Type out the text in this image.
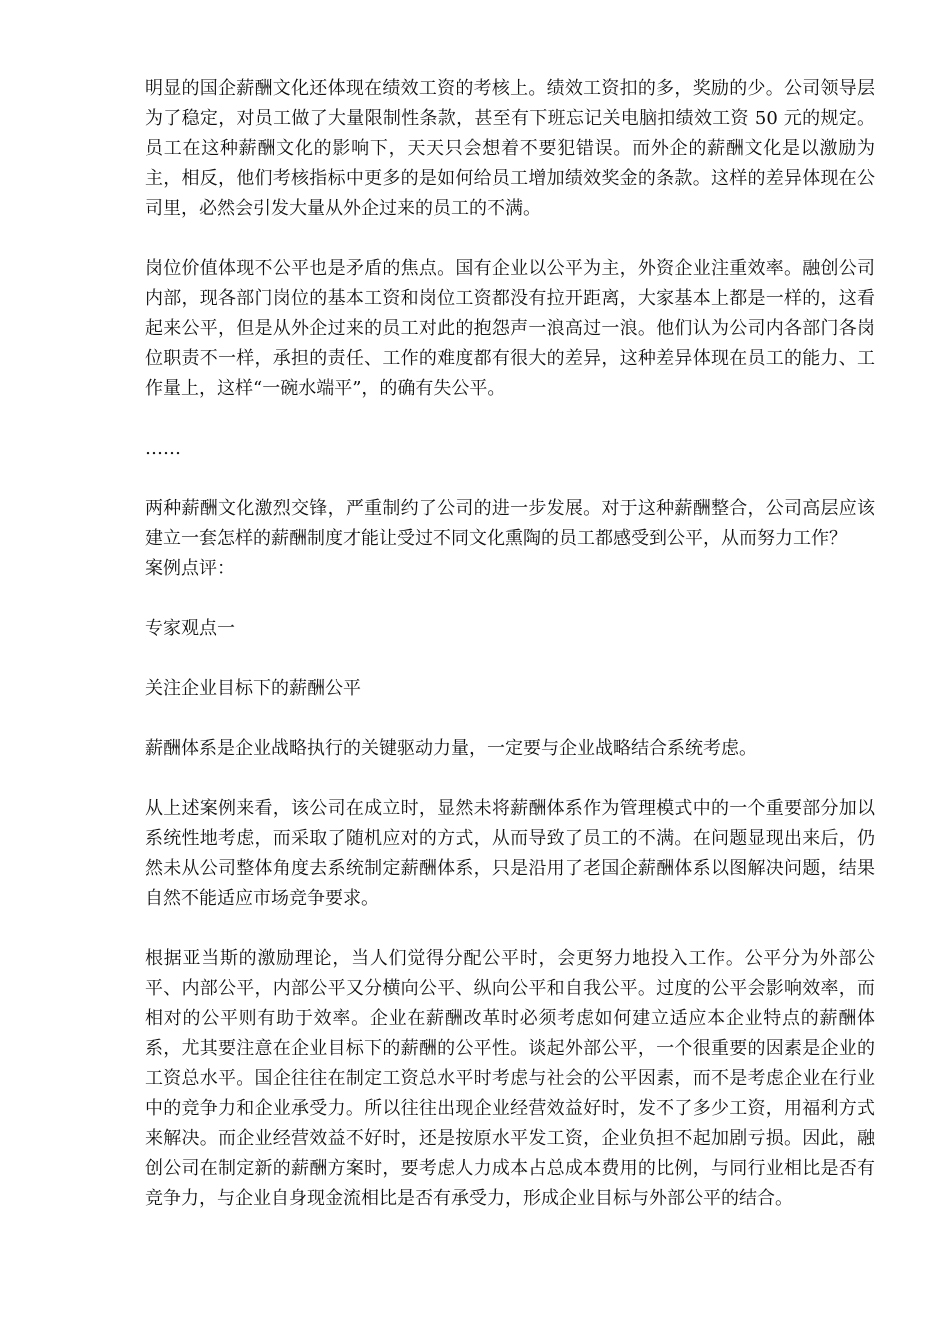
明显的国企薪酬文化还体现在绩效工资的考核上。绩效工资扣的多，奖励的少。公司领导层为了稳定，对员工做了大量限制性条款，甚至有下班忘记关电脑扣绩效工资 50 元的规定。员工在这种薪酬文化的影响下，天天只会想着不要犯错误。而外企的薪酬文化是以激励为主，相反，他们考核指标中更多的是如何给员工增加绩效奖金的条款。这样的差异体现在公司里，必然会引发大量从外企过来的员工的不满。

岗位价值体现不公平也是矛盾的焦点。国有企业以公平为主，外资企业注重效率。融创公司内部，现各部门岗位的基本工资和岗位工资都没有拉开距离，大家基本上都是一样的，这看起来公平，但是从外企过来的员工对此的抱怨声一浪高过一浪。他们认为公司内各部门各岗位职责不一样，承担的责任、工作的难度都有很大的差异，这种差异体现在员工的能力、工作量上，这样“一碗水端平”，的确有失公平。

……

两种薪酬文化激烈交锋，严重制约了公司的进一步发展。对于这种薪酬整合，公司高层应该建立一套怎样的薪酬制度才能让受过不同文化熏陶的员工都感受到公平，从而努力工作？

案例点评：

专家观点一

关注企业目标下的薪酬公平

薪酬体系是企业战略执行的关键驱动力量，一定要与企业战略结合系统考虑。

从上述案例来看，该公司在成立时，显然未将薪酬体系作为管理模式中的一个重要部分加以系统性地考虑，而采取了随机应对的方式，从而导致了员工的不满。在问题显现出来后，仍然未从公司整体角度去系统制定薪酬体系，只是沿用了老国企薪酬体系以图解决问题，结果自然不能适应市场竞争要求。

根据亚当斯的激励理论，当人们觉得分配公平时，会更努力地投入工作。公平分为外部公平、内部公平，内部公平又分横向公平、纵向公平和自我公平。过度的公平会影响效率，而相对的公平则有助于效率。企业在薪酬改革时必须考虑如何建立适应本企业特点的薪酬体系，尤其要注意在企业目标下的薪酬的公平性。谈起外部公平，一个很重要的因素是企业的工资总水平。国企往往在制定工资总水平时考虑与社会的公平因素，而不是考虑企业在行业中的竞争力和企业承受力。所以往往出现企业经营效益好时，发不了多少工资，用福利方式来解决。而企业经营效益不好时，还是按原水平发工资，企业负担不起加剧亏损。因此，融创公司在制定新的薪酬方案时，要考虑人力成本占总成本费用的比例，与同行业相比是否有竞争力，与企业自身现金流相比是否有承受力，形成企业目标与外部公平的结合。
